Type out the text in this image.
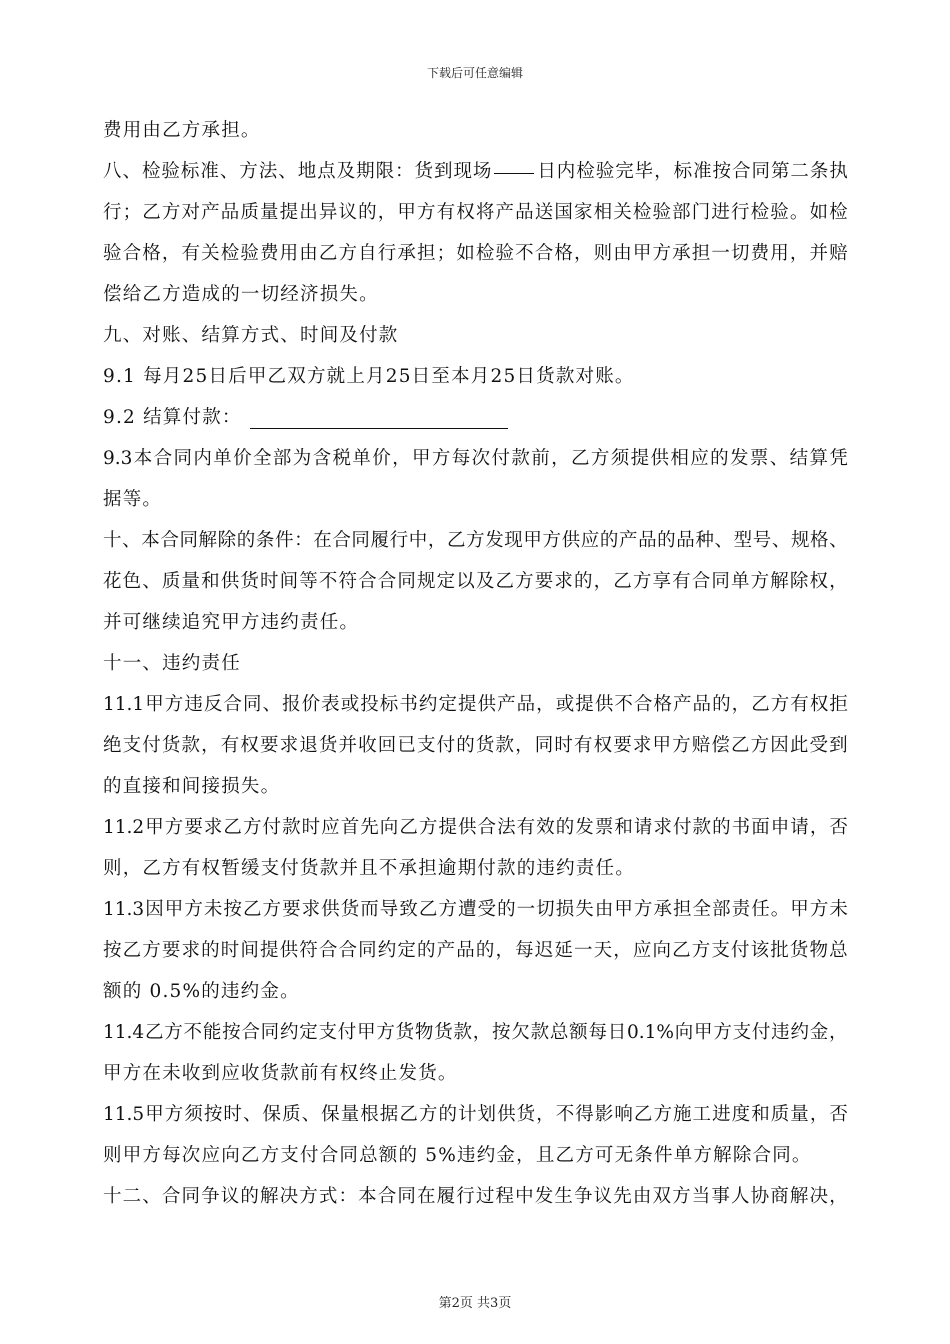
下载后可任意编辑
费用由乙方承担。
八 、 检 验 标 准 、 方 法 、 地 点 及 期 限 ： 货 到 现 场 日 内 检 验 完 毕 ， 标 准 按 合 同 第 二 条 执
行 ； 乙 方 对 产 品 质 量 提 出 异 议 的 ， 甲 方 有 权 将 产 品 送 国 家 相 关 检 验 部 门 进 行 检 验 。 如 检
验 合 格 ， 有 关 检 验 费 用 由 乙 方 自 行 承 担 ； 如 检 验 不 合 格 ， 则 由 甲 方 承 担 一 切 费 用 ， 并 赔
偿给乙方造成的一切经济损失。
九、对账、结算方式、时间及付款
9.1 每月25日后甲乙双方就上月25日至本月25日货款对账。
9.2 结算付款：
9.3 本 合 同 内 单 价 全 部 为 含 税 单 价 ， 甲 方 每 次 付 款 前 ， 乙 方 须 提 供 相 应 的 发 票 、 结 算 凭
据等。
十 、 本 合 同 解 除 的 条 件 ： 在 合 同 履 行 中 ， 乙 方 发 现 甲 方 供 应 的 产 品 的 品 种 、 型 号 、 规 格 、
花 色 、 质 量 和 供 货 时 间 等 不 符 合 合 同 规 定 以 及 乙 方 要 求 的 ， 乙 方 享 有 合 同 单 方 解 除 权 ，
并可继续追究甲方违约责任。
十一、违约责任
11.1 甲 方 违 反 合 同 、 报 价 表 或 投 标 书 约 定 提 供 产 品 ， 或 提 供 不 合 格 产 品 的 ， 乙 方 有 权 拒
绝 支 付 货 款 ， 有 权 要 求 退 货 并 收 回 已 支 付 的 货 款 ， 同 时 有 权 要 求 甲 方 赔 偿 乙 方 因 此 受 到
的直接和间接损失。
11.2 甲 方 要 求 乙 方 付 款 时 应 首 先 向 乙 方 提 供 合 法 有 效 的 发 票 和 请 求 付 款 的 书 面 申 请 ， 否
则，乙方有权暂缓支付货款并且不承担逾期付款的违约责任。
11.3 因 甲 方 未 按 乙 方 要 求 供 货 而 导 致 乙 方 遭 受 的 一 切 损 失 由 甲 方 承 担 全 部 责 任 。 甲 方 未
按 乙 方 要 求 的 时 间 提 供 符 合 合 同 约 定 的 产 品 的 ， 每 迟 延 一 天 ， 应 向 乙 方 支 付 该 批 货 物 总
额的 0.5%的违约金。
11.4 乙 方 不 能 按 合 同 约 定 支 付 甲 方 货 物 货 款 ， 按 欠 款 总 额 每 日 0.1% 向 甲 方 支 付 违 约 金 ，
甲方在未收到应收货款前有权终止发货。
11.5 甲 方 须 按 时 、 保 质 、 保 量 根 据 乙 方 的 计 划 供 货 ， 不 得 影 响 乙 方 施 工 进 度 和 质 量 ， 否
则甲方每次应向乙方支付合同总额的 5%违约金，且乙方可无条件单方解除合同。
十 二 、 合 同 争 议 的 解 决 方 式 ： 本 合 同 在 履 行 过 程 中 发 生 争 议 先 由 双 方 当 事 人 协 商 解 决 ，
第2页 共3页
